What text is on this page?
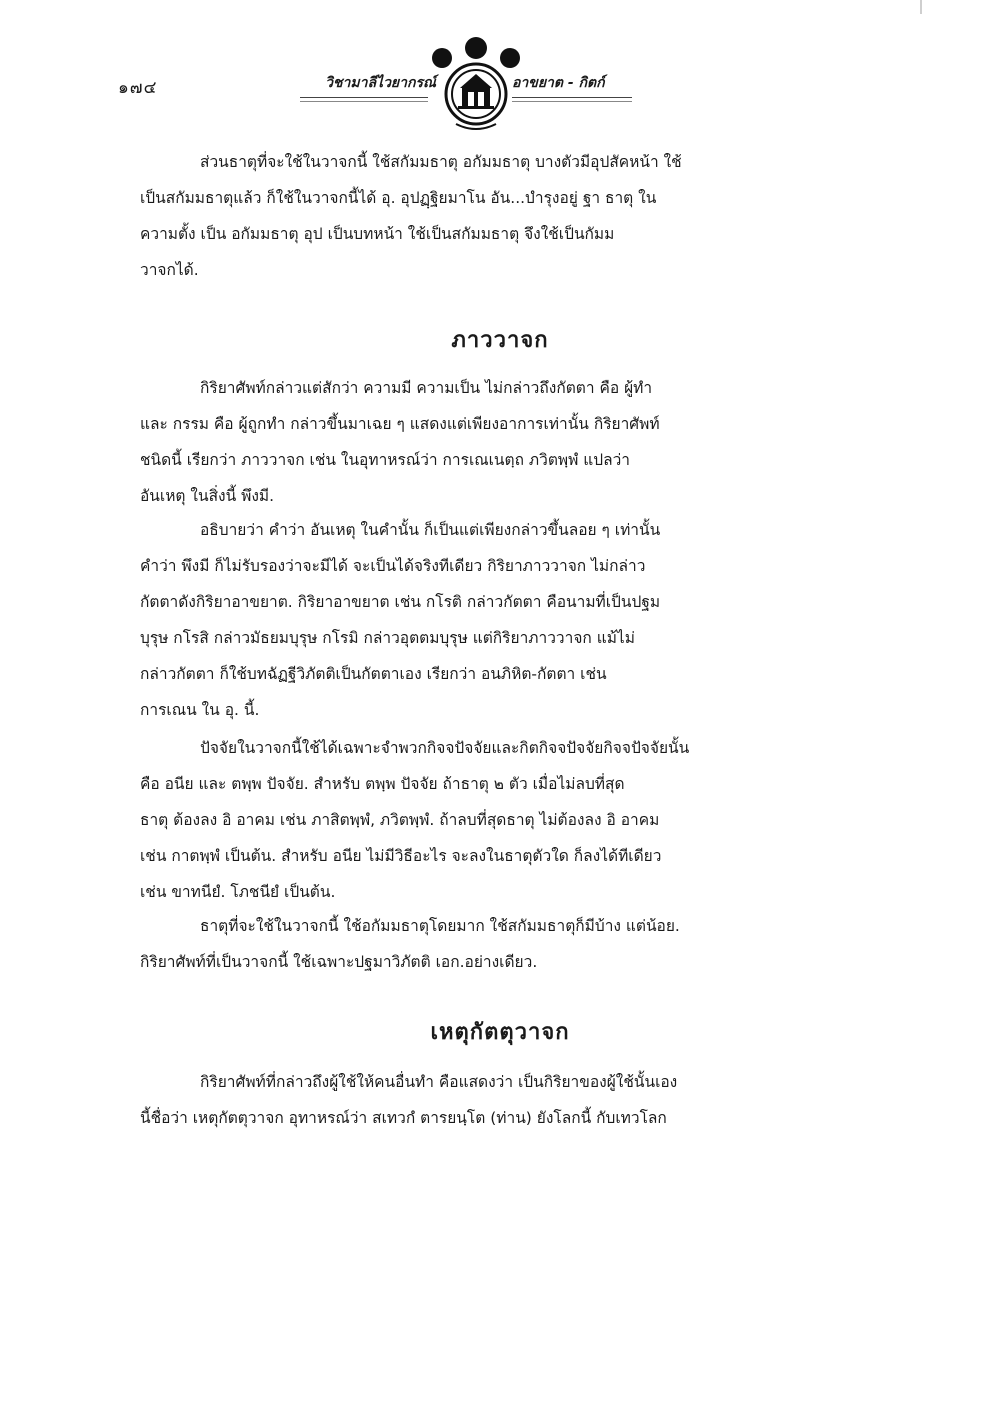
๑๗๔	วิชามาลีไวยากรณ์	อาขยาต - กิตก์
ส่วนธาตุที่จะใช้ในวาจกนี้ ใช้สกัมมธาตุ อกัมมธาตุ บางตัวมีอุปสัคหน้า ใช้
เป็นสกัมมธาตุแล้ว ก็ใช้ในวาจกนี้ได้ อุ. อุปฏฺฐิยมาโน อัน...บำรุงอยู่ ฐา ธาตุ ใน
ความตั้ง เป็น อกัมมธาตุ อุป เป็นบทหน้า ใช้เป็นสกัมมธาตุ จึงใช้เป็นกัมม
วาจกได้.
ภาววาจก
กิริยาศัพท์กล่าวแต่สักว่า ความมี ความเป็น ไม่กล่าวถึงกัตตา คือ ผู้ทำ
และ กรรม คือ ผู้ถูกทำ กล่าวขึ้นมาเฉย ๆ แสดงแต่เพียงอาการเท่านั้น กิริยาศัพท์
ชนิดนี้ เรียกว่า ภาววาจก เช่น ในอุทาหรณ์ว่า การเณเนตฺถ ภวิตพฺพํ แปลว่า
อันเหตุ ในสิ่งนี้ พึงมี.
อธิบายว่า คำว่า อันเหตุ ในคำนั้น ก็เป็นแต่เพียงกล่าวขึ้นลอย ๆ เท่านั้น
คำว่า พึงมี ก็ไม่รับรองว่าจะมีได้ จะเป็นได้จริงทีเดียว กิริยาภาววาจก ไม่กล่าว
กัตตาดังกิริยาอาขยาต. กิริยาอาขยาต เช่น กโรติ กล่าวกัตตา คือนามที่เป็นปฐม
บุรุษ กโรสิ กล่าวมัธยมบุรุษ กโรมิ กล่าวอุตตมบุรุษ แต่กิริยาภาววาจก แม้ไม่
กล่าวกัตตา ก็ใช้บทฉัฏฐีวิภัตติเป็นกัตตาเอง เรียกว่า อนภิหิต-กัตตา เช่น
การเณน ใน อุ. นี้.
ปัจจัยในวาจกนี้ใช้ได้เฉพาะจำพวกกิจจปัจจัยและกิตกิจจปัจจัยกิจจปัจจัยนั้น
คือ อนีย และ ตพฺพ ปัจจัย. สำหรับ ตพฺพ ปัจจัย ถ้าธาตุ ๒ ตัว เมื่อไม่ลบที่สุด
ธาตุ ต้องลง อิ อาคม เช่น ภาสิตพฺพํ, ภวิตพฺพํ. ถ้าลบที่สุดธาตุ ไม่ต้องลง อิ อาคม
เช่น กาตพฺพํ เป็นต้น. สำหรับ อนีย ไม่มีวิธีอะไร จะลงในธาตุตัวใด ก็ลงได้ทีเดียว
เช่น ขาทนียํ. โภชนียํ เป็นต้น.
ธาตุที่จะใช้ในวาจกนี้ ใช้อกัมมธาตุโดยมาก ใช้สกัมมธาตุก็มีบ้าง แต่น้อย.
กิริยาศัพท์ที่เป็นวาจกนี้ ใช้เฉพาะปฐมาวิภัตติ เอก.อย่างเดียว.
เหตุกัตตุวาจก
กิริยาศัพท์ที่กล่าวถึงผู้ใช้ให้คนอื่นทำ คือแสดงว่า เป็นกิริยาของผู้ใช้นั้นเอง
นี้ชื่อว่า เหตุกัตตุวาจก อุทาหรณ์ว่า สเทวกํ ตารยนฺโต (ท่าน) ยังโลกนี้ กับเทวโลก
